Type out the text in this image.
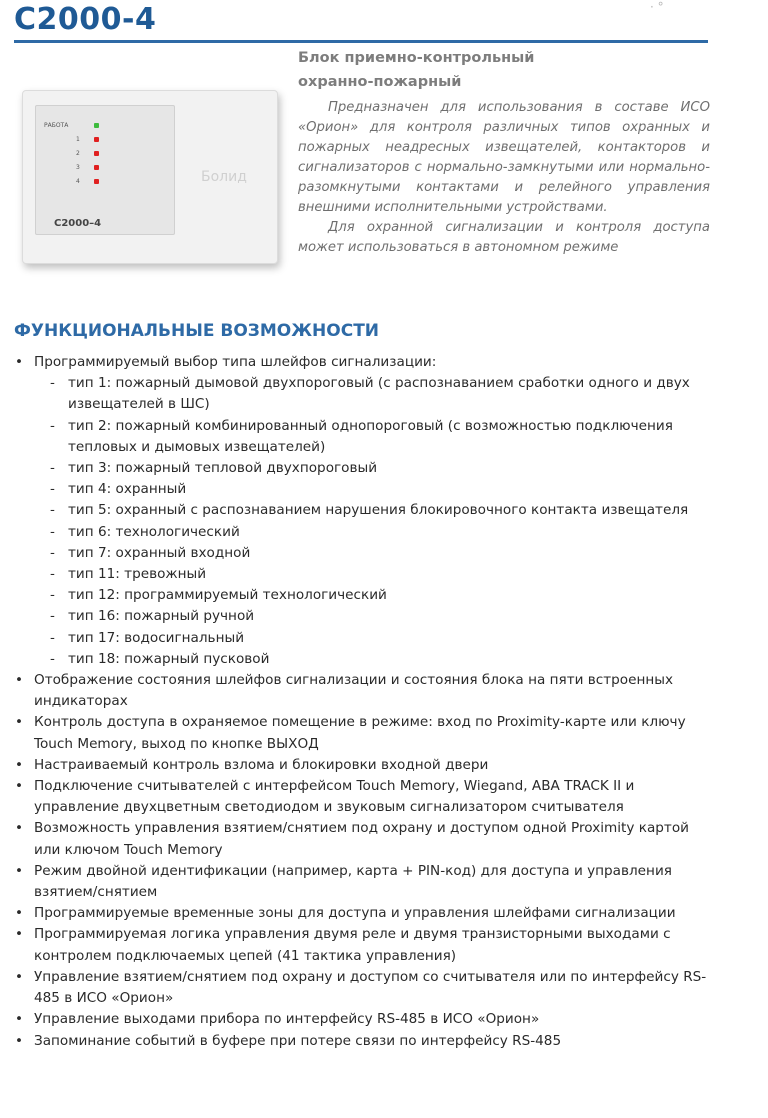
С2000-4	· °
РАБОТА
1
2
3
4
С2000–4
Болид
Блок приемно-контрольный
охранно-пожарный

Предназначен для использования в составе ИСО «Орион» для контроля различных типов охранных и пожарных неадресных извещателей, контакторов и сигнализаторов с нормально-замкнутыми или нормально-разомкнутыми контактами и релейного управления внешними исполнительными устройствами.

Для охранной сигнализации и контроля доступа может использоваться в автономном режиме

ФУНКЦИОНАЛЬНЫЕ ВОЗМОЖНОСТИ
• Программируемый выбор типа шлейфов сигнализации:
- тип 1: пожарный дымовой двухпороговый (с распознаванием сработки одного и двух извещателей в ШС)
- тип 2: пожарный комбинированный однопороговый (с возможностью подключения тепловых и дымовых извещателей)
- тип 3: пожарный тепловой двухпороговый
- тип 4: охранный
- тип 5: охранный с распознаванием нарушения блокировочного контакта извещателя
- тип 6: технологический
- тип 7: охранный входной
- тип 11: тревожный
- тип 12: программируемый технологический
- тип 16: пожарный ручной
- тип 17: водосигнальный
- тип 18: пожарный пусковой
• Отображение состояния шлейфов сигнализации и состояния блока на пяти встроенных индикаторах
• Контроль доступа в охраняемое помещение в режиме: вход по Proximity-карте или ключу Touch Memory, выход по кнопке ВЫХОД
• Настраиваемый контроль взлома и блокировки входной двери
• Подключение считывателей с интерфейсом Touch Memory, Wiegand, ABA TRACK II и управление двухцветным светодиодом и звуковым сигнализатором считывателя
• Возможность управления взятием/снятием под охрану и доступом одной Proximity картой или ключом Touch Memory
• Режим двойной идентификации (например, карта + PIN-код) для доступа и управления взятием/снятием
• Программируемые временные зоны для доступа и управления шлейфами сигнализации
• Программируемая логика управления двумя реле и двумя транзисторными выходами с контролем подключаемых цепей (41 тактика управления)
• Управление взятием/снятием под охрану и доступом со считывателя или по интерфейсу RS-485 в ИСО «Орион»
• Управление выходами прибора по интерфейсу RS-485 в ИСО «Орион»
• Запоминание событий в буфере при потере связи по интерфейсу RS-485
